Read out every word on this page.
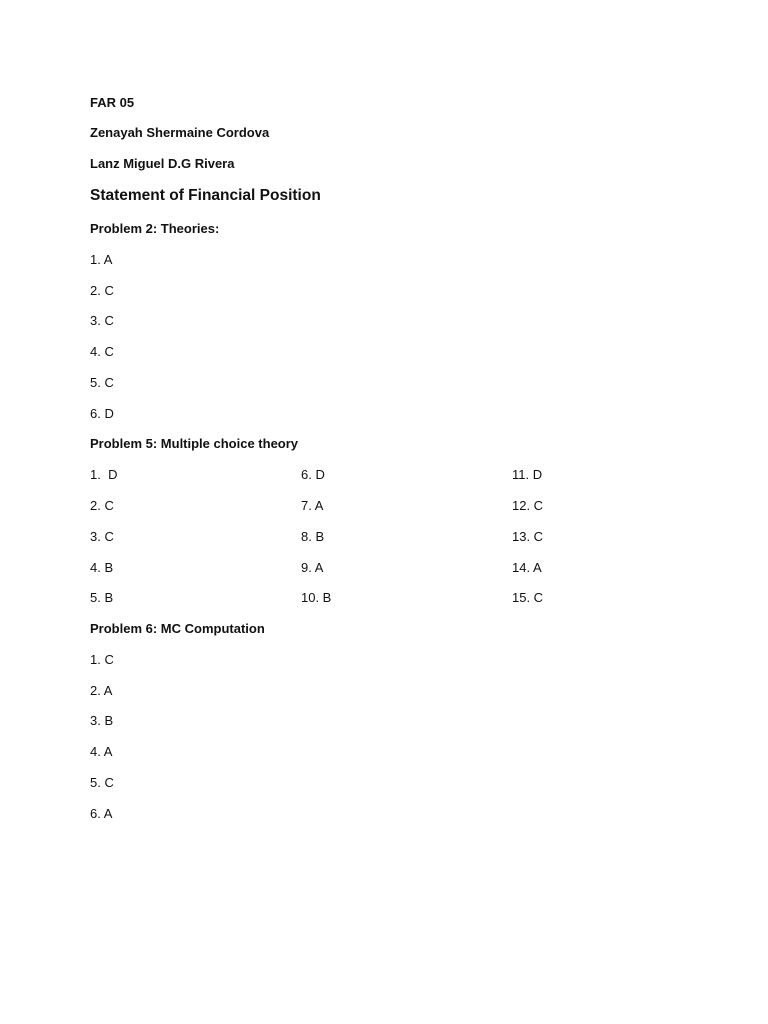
FAR 05
Zenayah Shermaine Cordova
Lanz Miguel D.G Rivera
Statement of Financial Position
Problem 2: Theories:
1. A
2. C
3. C
4. C
5. C
6. D
Problem 5: Multiple choice theory
1.  D	6. D	11. D
2. C	7. A	12. C
3. C	8. B	13. C
4. B	9. A	14. A
5. B	10. B	15. C
Problem 6: MC Computation
1. C
2. A
3. B
4. A
5. C
6. A
